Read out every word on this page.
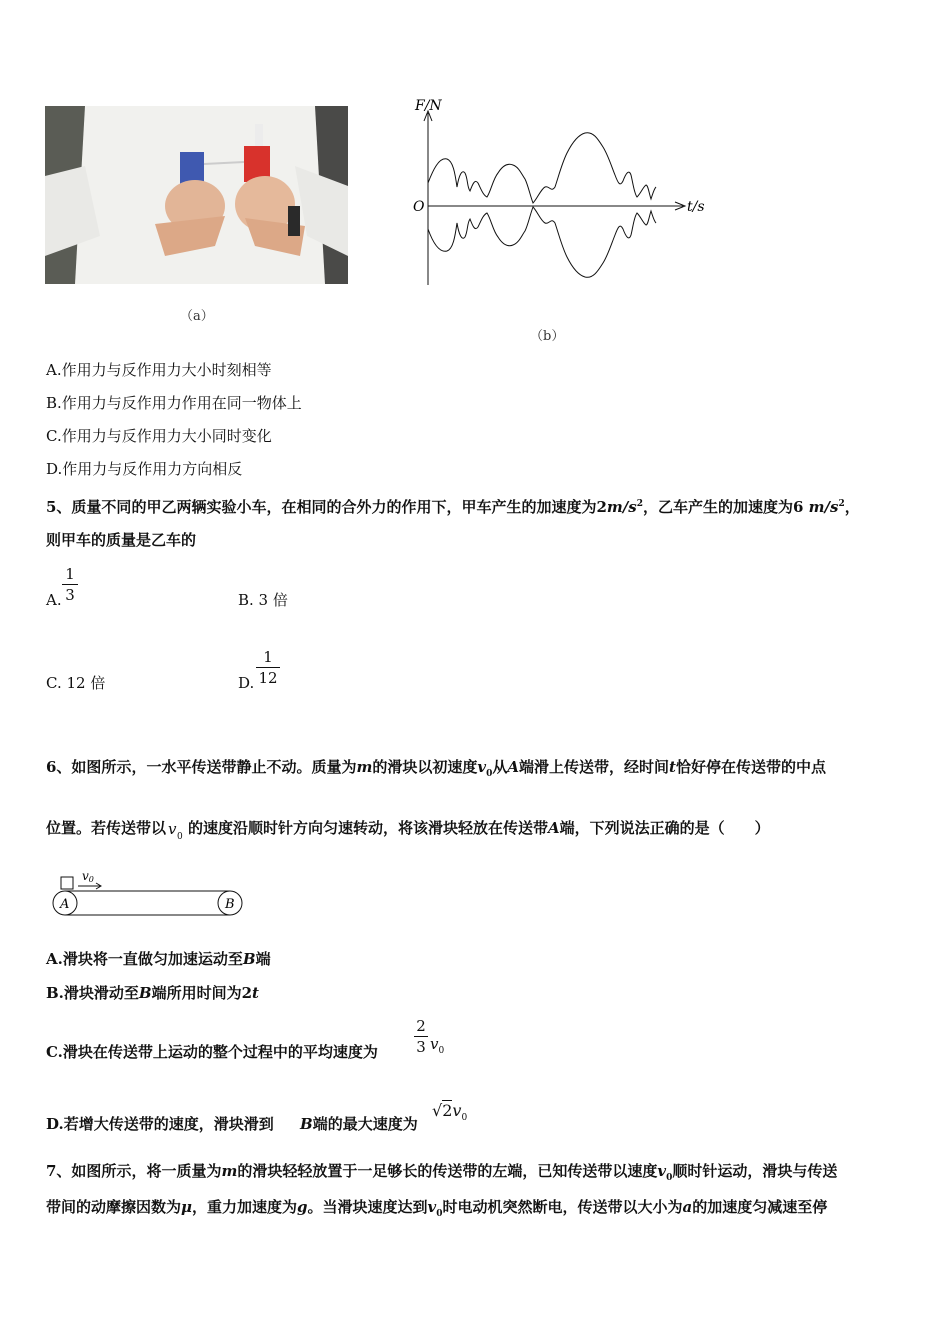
（a）
F/N
t/s
O
（b）
A.作用力与反作用力大小时刻相等
B.作用力与反作用力作用在同一物体上
C.作用力与反作用力大小同时变化
D.作用力与反作用力方向相反
5、质量不同的甲乙两辆实验小车，在相同的合外力的作用下，甲车产生的加速度为$2m/s^2$，乙车产生的加速度为6 $m/s^2$，
则甲车的质量是乙车的
A.
1
3	B. 3 倍
C. 12 倍	D.
1
12
6、如图所示，一水平传送带静止不动。质量为m的滑块以初速度$v_0$从A端滑上传送带，经时间t恰好停在传送带的中点
位置。若传送带以 v 0 的速度沿顺时针方向匀速转动，将该滑块轻放在传送带A端，下列说法正确的是（　　）
v0
A	B
A.滑块将一直做匀加速运动至B端
B.滑块滑动至B端所用时间为2t
C.滑块在传送带上运动的整个过程中的平均速度为
2
3 $v_0$
D.若增大传送带的速度，滑块滑到 B端的最大速度为
$√2v_0$
7、如图所示，将一质量为m的滑块轻轻放置于一足够长的传送带的左端，已知传送带以速度$v_0$顺时针运动，滑块与传送
带间的动摩擦因数为μ，重力加速度为g。当滑块速度达到$v_0$时电动机突然断电，传送带以大小为a的加速度匀减速至停
